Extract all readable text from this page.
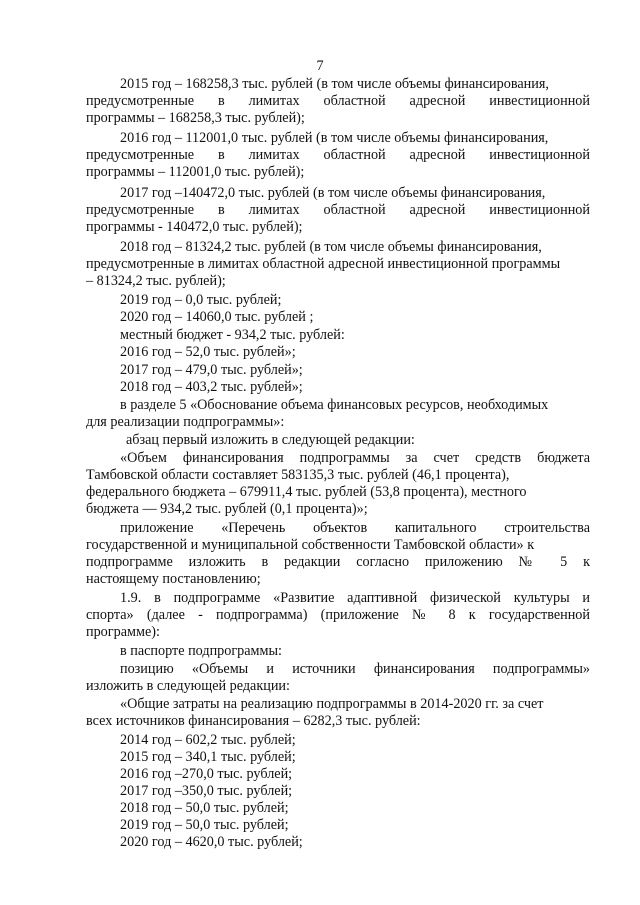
7
2015 год – 168258,3 тыс. рублей (в том числе объемы финансирования,
предусмотренные в лимитах областной адресной инвестиционной
программы – 168258,3 тыс. рублей);
2016 год – 112001,0 тыс. рублей (в том числе объемы финансирования,
предусмотренные в лимитах областной адресной инвестиционной
программы – 112001,0 тыс. рублей);
2017 год –140472,0 тыс. рублей (в том числе объемы финансирования,
предусмотренные в лимитах областной адресной инвестиционной
программы - 140472,0 тыс. рублей);
2018 год – 81324,2 тыс. рублей (в том числе объемы финансирования,
предусмотренные в лимитах областной адресной инвестиционной программы
– 81324,2 тыс. рублей);
2019 год – 0,0 тыс. рублей;
2020 год – 14060,0 тыс. рублей ;
местный бюджет - 934,2 тыс. рублей:
2016 год – 52,0 тыс. рублей»;
2017 год – 479,0 тыс. рублей»;
2018 год – 403,2 тыс. рублей»;
в разделе 5 «Обоснование объема финансовых ресурсов, необходимых
для реализации подпрограммы»:
абзац первый изложить в следующей редакции:
«Объем финансирования подпрограммы за счет средств бюджета
Тамбовской области составляет 583135,3 тыс. рублей (46,1 процента),
федерального бюджета – 679911,4 тыс. рублей (53,8 процента), местного
бюджета — 934,2 тыс. рублей (0,1 процента)»;
приложение «Перечень объектов капитального строительства
государственной и муниципальной собственности Тамбовской области» к
подпрограмме изложить в редакции согласно приложению № 5 к
настоящему постановлению;
1.9. в подпрограмме «Развитие адаптивной физической культуры и
спорта» (далее - подпрограмма) (приложение № 8 к государственной
программе):
в паспорте подпрограммы:
позицию «Объемы и источники финансирования подпрограммы»
изложить в следующей редакции:
«Общие затраты на реализацию подпрограммы в 2014-2020 гг. за счет
всех источников финансирования – 6282,3 тыс. рублей:
2014 год – 602,2 тыс. рублей;
2015 год – 340,1 тыс. рублей;
2016 год –270,0 тыс. рублей;
2017 год –350,0 тыс. рублей;
2018 год – 50,0 тыс. рублей;
2019 год – 50,0 тыс. рублей;
2020 год – 4620,0 тыс. рублей;
